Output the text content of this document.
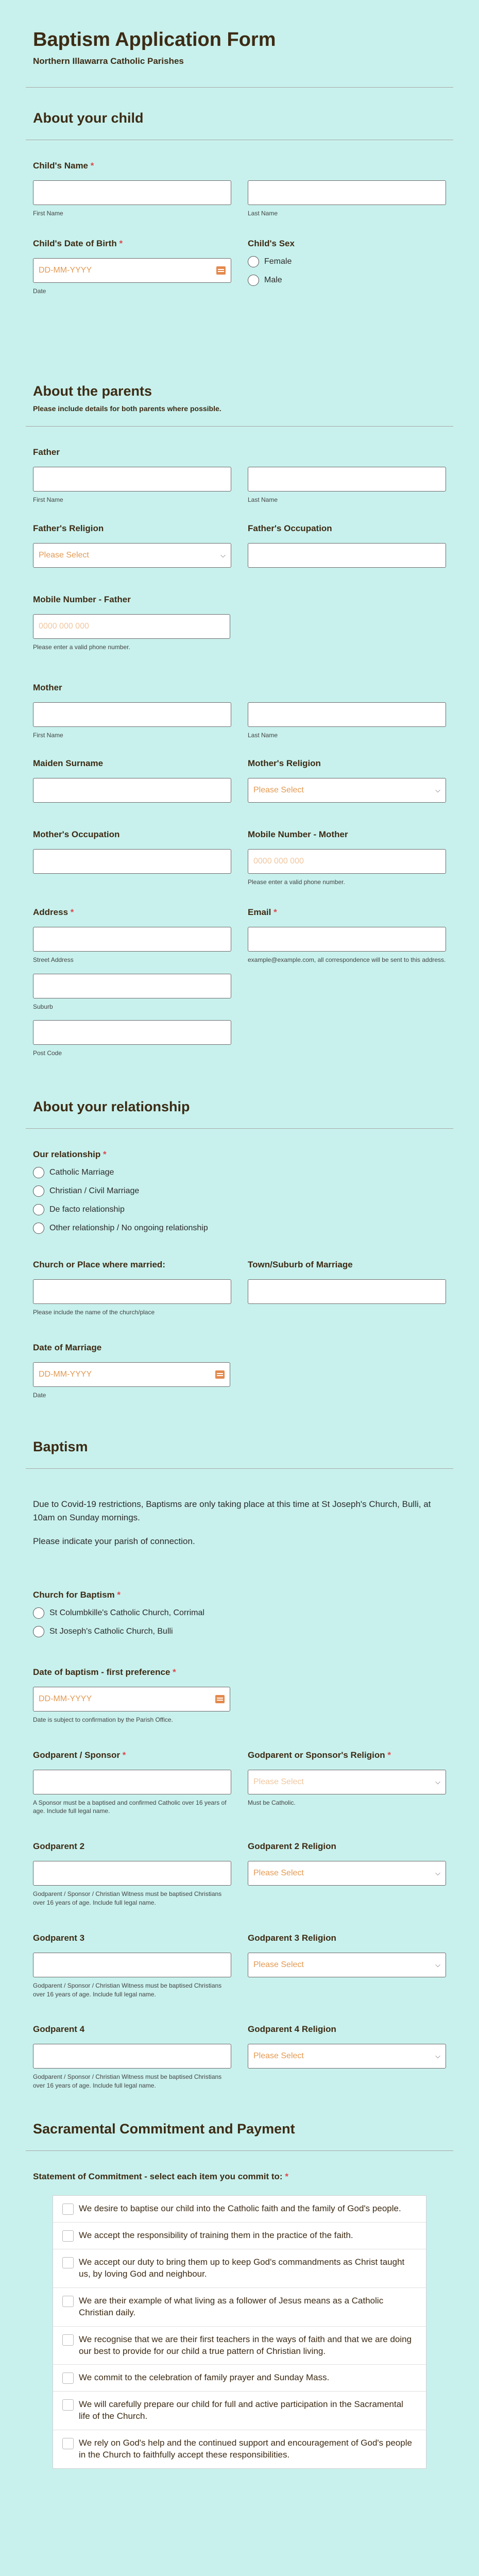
Baptism Application Form
Northern Illawarra Catholic Parishes
About your child
Child's Name *
First Name	Last Name
Child's Date of Birth *
DD-MM-YYYY
Date
Child's Sex
Female
Male
About the parents
Please include details for both parents where possible.
Father
First Name	Last Name
Father's Religion
Please Select	⌵
Father's Occupation
Mobile Number - Father
0000 000 000
Please enter a valid phone number.
Mother
First Name	Last Name
Maiden Surname	Mother's Religion
Please Select	⌵
Mother's Occupation	Mobile Number - Mother
0000 000 000
Please enter a valid phone number.
Address *
Street Address
Suburb
Post Code
Email *
example@example.com, all correspondence will be sent to this address.
About your relationship
Our relationship *
Catholic Marriage
Christian / Civil Marriage
De facto relationship
Other relationship / No ongoing relationship
Church or Place where married:
Please include the name of the church/place
Town/Suburb of Marriage
Date of Marriage
DD-MM-YYYY
Date
Baptism
Due to Covid-19 restrictions, Baptisms are only taking place at this time at St Joseph's Church, Bulli, at 10am on Sunday mornings.
Please indicate your parish of connection.
Church for Baptism *
St Columbkille's Catholic Church, Corrimal
St Joseph's Catholic Church, Bulli
Date of baptism - first preference *
DD-MM-YYYY
Date is subject to confirmation by the Parish Office.
Godparent / Sponsor *
A Sponsor must be a baptised and confirmed Catholic over 16 years of age. Include full legal name.
Godparent or Sponsor's Religion *
Please Select	⌵
Must be Catholic.
Godparent 2
Godparent / Sponsor / Christian Witness must be baptised Christians over 16 years of age. Include full legal name.
Godparent 2 Religion
Please Select	⌵
Godparent 3
Godparent / Sponsor / Christian Witness must be baptised Christians over 16 years of age. Include full legal name.
Godparent 3 Religion
Please Select	⌵
Godparent 4
Godparent / Sponsor / Christian Witness must be baptised Christians over 16 years of age. Include full legal name.
Godparent 4 Religion
Please Select	⌵
Sacramental Commitment and Payment
Statement of Commitment - select each item you commit to: *
We desire to baptise our child into the Catholic faith and the family of God's people.
We accept the responsibility of training them in the practice of the faith.
We accept our duty to bring them up to keep God's commandments as Christ taught us, by loving God and neighbour.
We are their example of what living as a follower of Jesus means as a Catholic Christian daily.
We recognise that we are their first teachers in the ways of faith and that we are doing our best to provide for our child a true pattern of Christian living.
We commit to the celebration of family prayer and Sunday Mass.
We will carefully prepare our child for full and active participation in the Sacramental life of the Church.
We rely on God's help and the continued support and encouragement of God's people in the Church to faithfully accept these responsibilities.
